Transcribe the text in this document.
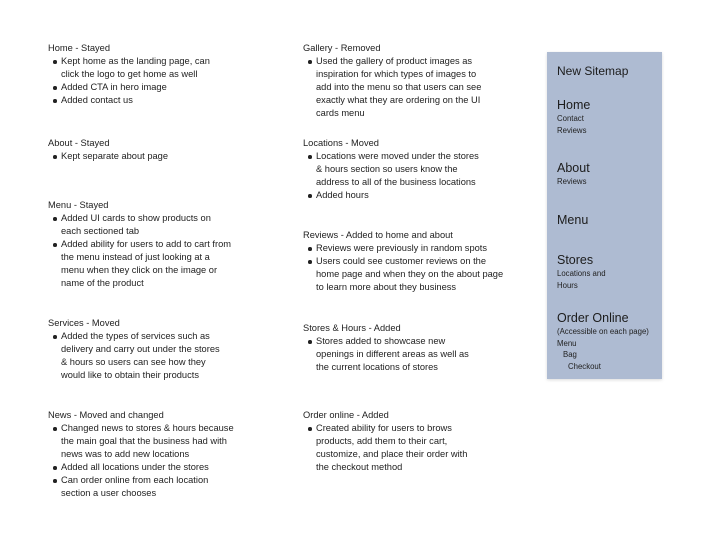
Home - Stayed
Kept home as the landing page, can click the logo to get home as well
Added CTA in hero image
Added contact us
About - Stayed
Kept separate about page
Menu - Stayed
Added UI cards to show products on each sectioned tab
Added ability for users to add to cart from the menu instead of just looking at a menu when they click on the image or name of the product
Services - Moved
Added the types of services such as delivery and carry out under the stores & hours so users can see how they would like to obtain their products
News - Moved and changed
Changed news to stores & hours because the main goal that the business had with news was to add new locations
Added all locations under the stores
Can order online from each location section a user chooses
Gallery - Removed
Used the gallery of product images as inspiration for which types of images to add into the menu so that users can see exactly what they are ordering on the UI cards menu
Locations - Moved
Locations were moved under the stores & hours section so users know the address to all of the business locations
Added hours
Reviews - Added to home and about
Reviews were previously in random spots
Users could see customer reviews on the home page and when they on the about page to learn more about they business
Stores & Hours - Added
Stores added to showcase new openings in different areas as well as the current locations of stores
Order online - Added
Created ability for users to brows products, add them to their cart, customize, and place their order with the checkout method
New Sitemap
Home
Contact
Reviews
About
Reviews
Menu
Stores
Locations and
Hours
Order Online
(Accessible on each page)
Menu
Bag
Checkout
